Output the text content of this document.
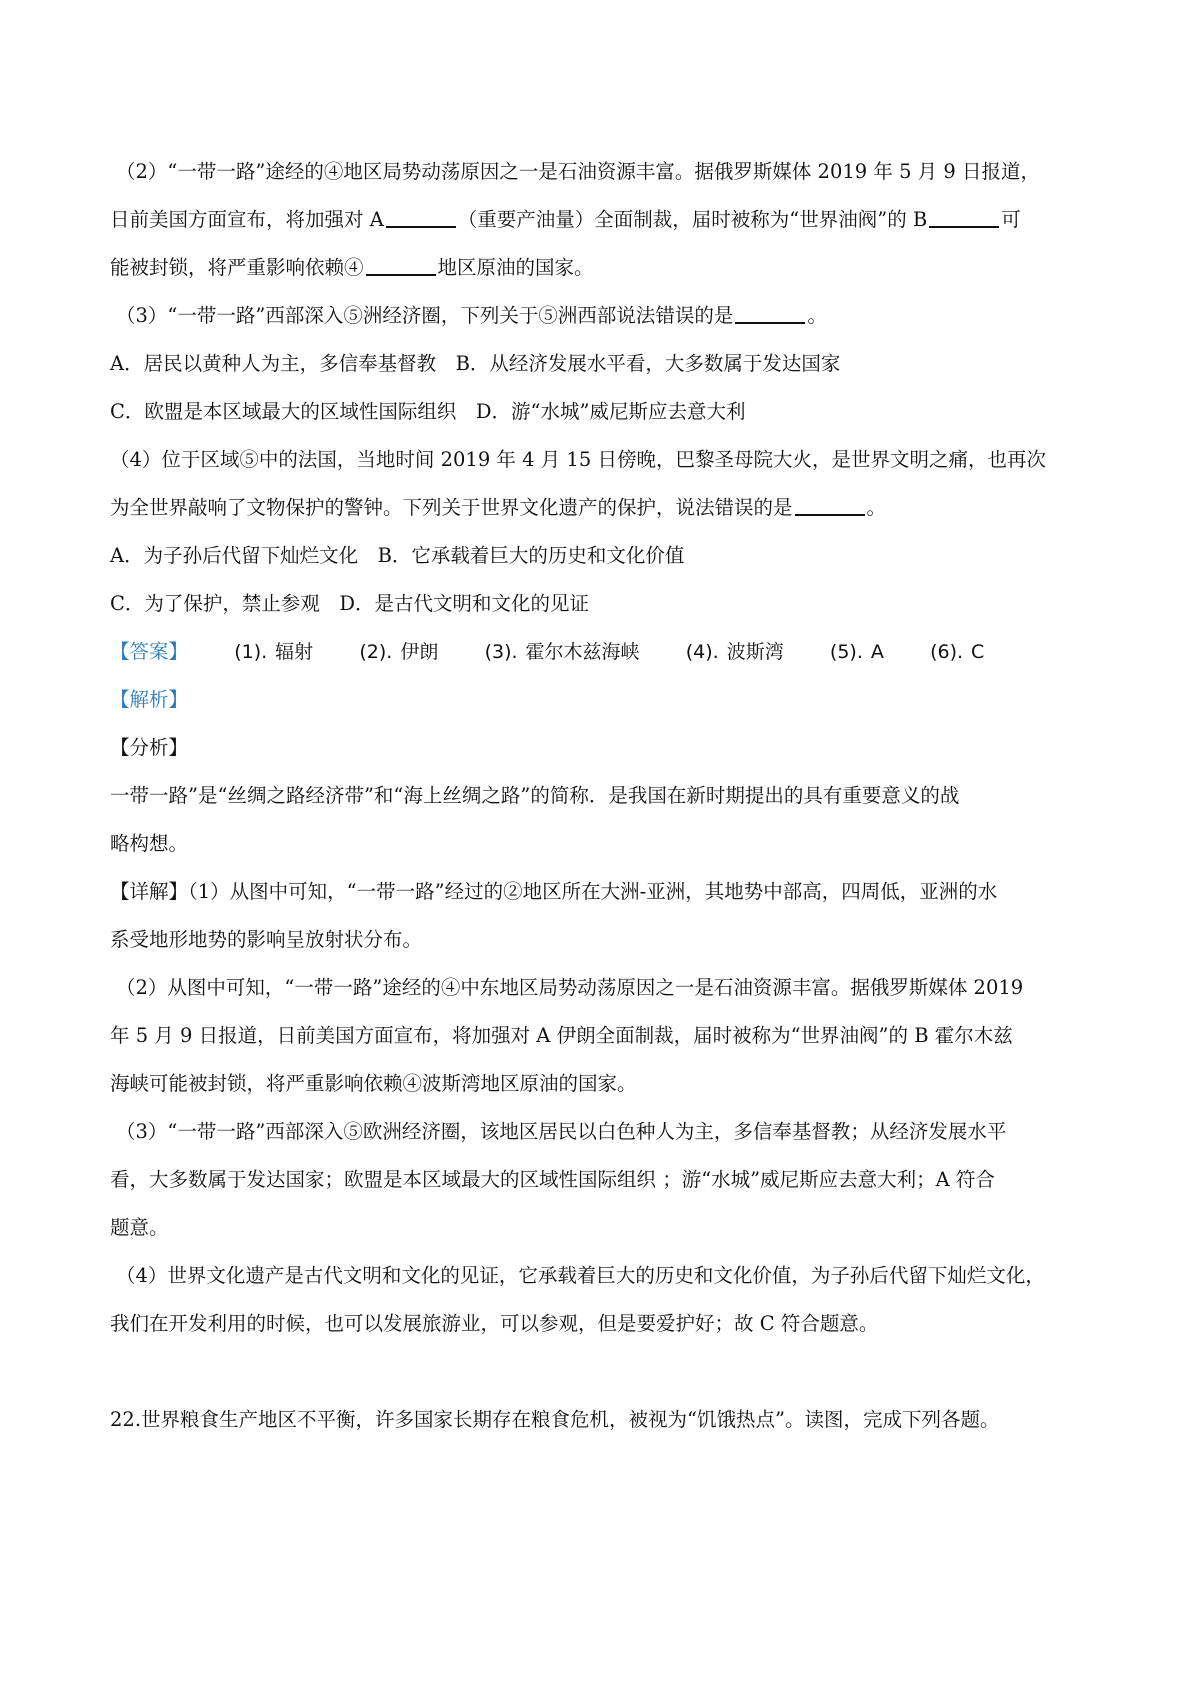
（2）“一带一路”途经的④地区局势动荡原因之一是石油资源丰富。据俄罗斯媒体 2019 年 5 月 9 日报道，

日前美国方面宣布，将加强对 A	（重要产油量）全面制裁，届时被称为“世界油阀”的 B	可

能被封锁，将严重影响依赖④	地区原油的国家。

（3）“一带一路”西部深入⑤洲经济圈，下列关于⑤洲西部说法错误的是	。

A．居民以黄种人为主，多信奉基督教　B．从经济发展水平看，大多数属于发达国家

C．欧盟是本区域最大的区域性国际组织　D．游“水城”威尼斯应去意大利

（4）位于区域⑤中的法国，当地时间 2019 年 4 月 15 日傍晚，巴黎圣母院大火，是世界文明之痛，也再次

为全世界敲响了文物保护的警钟。下列关于世界文化遗产的保护，说法错误的是	。

A．为子孙后代留下灿烂文化　B．它承载着巨大的历史和文化价值

C．为了保护，禁止参观　D．是古代文明和文化的见证

【答案】 (1). 辐射 (2). 伊朗 (3). 霍尔木兹海峡 (4). 波斯湾 (5). A (6). C

【解析】

【分析】

一带一路”是“丝绸之路经济带”和“海上丝绸之路”的简称．是我国在新时期提出的具有重要意义的战

略构想。

【详解】（1）从图中可知，“一带一路”经过的②地区所在大洲-亚洲，其地势中部高，四周低，亚洲的水

系受地形地势的影响呈放射状分布。

（2）从图中可知，“一带一路”途经的④中东地区局势动荡原因之一是石油资源丰富。据俄罗斯媒体 2019

年 5 月 9 日报道，日前美国方面宣布，将加强对 A 伊朗全面制裁，届时被称为“世界油阀”的 B 霍尔木兹

海峡可能被封锁，将严重影响依赖④波斯湾地区原油的国家。

（3）“一带一路”西部深入⑤欧洲经济圈，该地区居民以白色种人为主，多信奉基督教；从经济发展水平

看，大多数属于发达国家；欧盟是本区域最大的区域性国际组织 ；游“水城”威尼斯应去意大利；A 符合

题意。

（4）世界文化遗产是古代文明和文化的见证，它承载着巨大的历史和文化价值，为子孙后代留下灿烂文化，

我们在开发利用的时候，也可以发展旅游业，可以参观，但是要爱护好；故 C 符合题意。

22.世界粮食生产地区不平衡，许多国家长期存在粮食危机，被视为“饥饿热点”。读图，完成下列各题。
